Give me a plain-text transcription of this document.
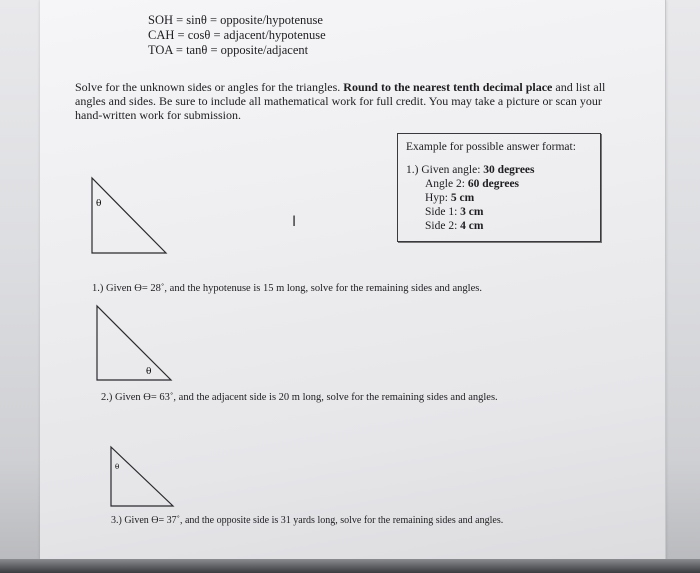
SOH = sinθ = opposite/hypotenuse
CAH = cosθ = adjacent/hypotenuse
TOA = tanθ = opposite/adjacent
Solve for the unknown sides or angles for the triangles. Round to the nearest tenth decimal place and list all angles and sides. Be sure to include all mathematical work for full credit. You may take a picture or scan your hand-written work for submission.
θ
I
Example for possible answer format:
1.) Given angle: 30 degrees
Angle 2: 60 degrees
Hyp: 5 cm
Side 1: 3 cm
Side 2: 4 cm
1.) Given ϴ= 28˚, and the hypotenuse is 15 m long, solve for the remaining sides and angles.
θ
2.) Given ϴ= 63˚, and the adjacent side is 20 m long, solve for the remaining sides and angles.
θ
3.) Given ϴ= 37˚, and the opposite side is 31 yards long, solve for the remaining sides and angles.
